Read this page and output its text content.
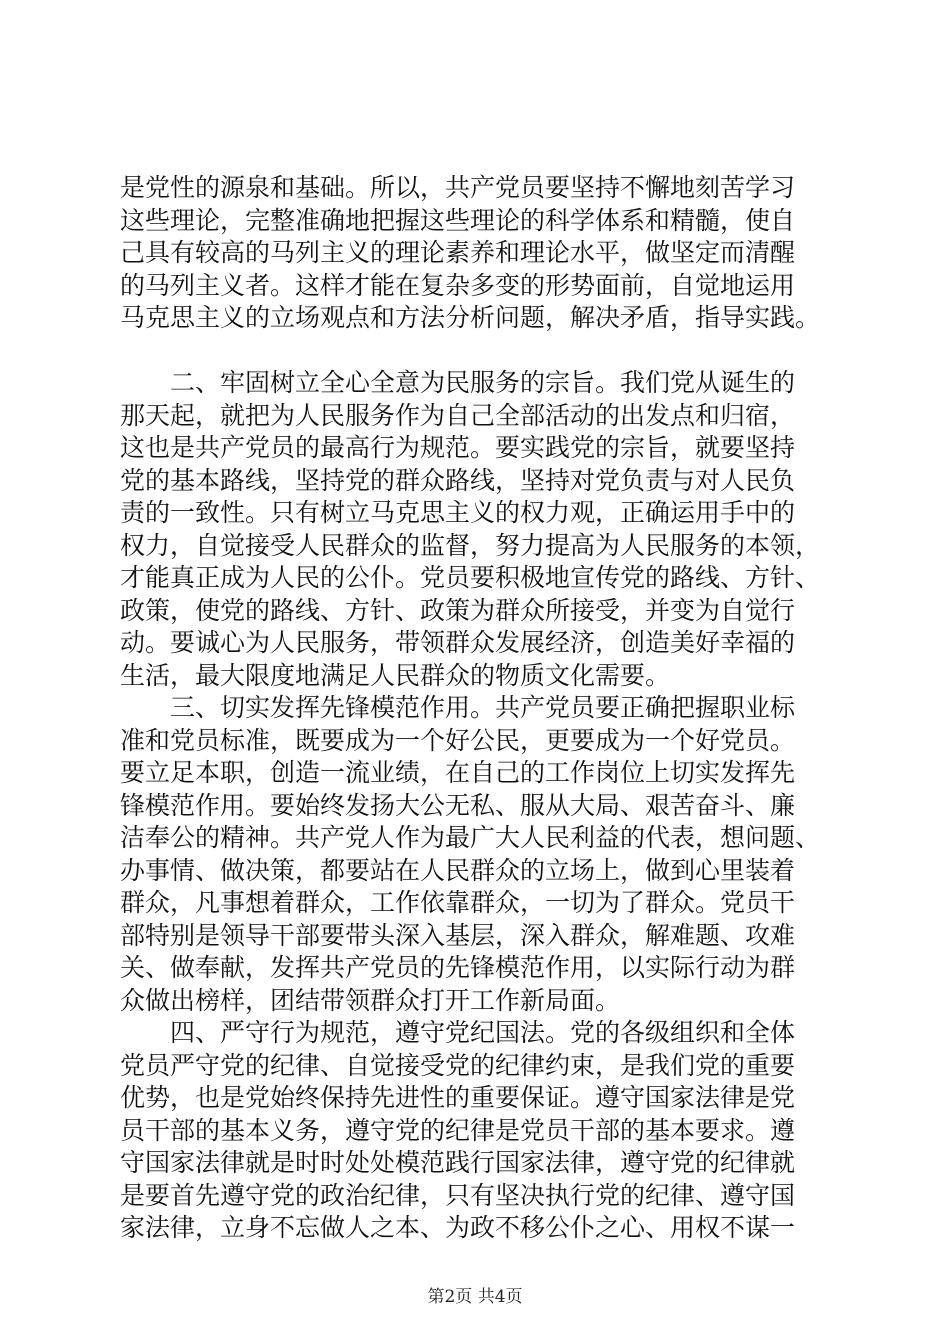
是党性的源泉和基础。所以，共产党员要坚持不懈地刻苦学习
这些理论，完整准确地把握这些理论的科学体系和精髓，使自
己具有较高的马列主义的理论素养和理论水平，做坚定而清醒
的马列主义者。这样才能在复杂多变的形势面前，自觉地运用
马克思主义的立场观点和方法分析问题，解决矛盾，指导实践。
　　二、牢固树立全心全意为民服务的宗旨。我们党从诞生的
那天起，就把为人民服务作为自己全部活动的出发点和归宿，
这也是共产党员的最高行为规范。要实践党的宗旨，就要坚持
党的基本路线，坚持党的群众路线，坚持对党负责与对人民负
责的一致性。只有树立马克思主义的权力观，正确运用手中的
权力，自觉接受人民群众的监督，努力提高为人民服务的本领，
才能真正成为人民的公仆。党员要积极地宣传党的路线、方针、
政策，使党的路线、方针、政策为群众所接受，并变为自觉行
动。要诚心为人民服务，带领群众发展经济，创造美好幸福的
生活，最大限度地满足人民群众的物质文化需要。
　　三、切实发挥先锋模范作用。共产党员要正确把握职业标
准和党员标准，既要成为一个好公民，更要成为一个好党员。
要立足本职，创造一流业绩，在自己的工作岗位上切实发挥先
锋模范作用。要始终发扬大公无私、服从大局、艰苦奋斗、廉
洁奉公的精神。共产党人作为最广大人民利益的代表，想问题、
办事情、做决策，都要站在人民群众的立场上，做到心里装着
群众，凡事想着群众，工作依靠群众，一切为了群众。党员干
部特别是领导干部要带头深入基层，深入群众，解难题、攻难
关、做奉献，发挥共产党员的先锋模范作用，以实际行动为群
众做出榜样，团结带领群众打开工作新局面。
　　四、严守行为规范，遵守党纪国法。党的各级组织和全体
党员严守党的纪律、自觉接受党的纪律约束，是我们党的重要
优势，也是党始终保持先进性的重要保证。遵守国家法律是党
员干部的基本义务，遵守党的纪律是党员干部的基本要求。遵
守国家法律就是时时处处模范践行国家法律，遵守党的纪律就
是要首先遵守党的政治纪律，只有坚决执行党的纪律、遵守国
家法律，立身不忘做人之本、为政不移公仆之心、用权不谋一
第2页 共4页
